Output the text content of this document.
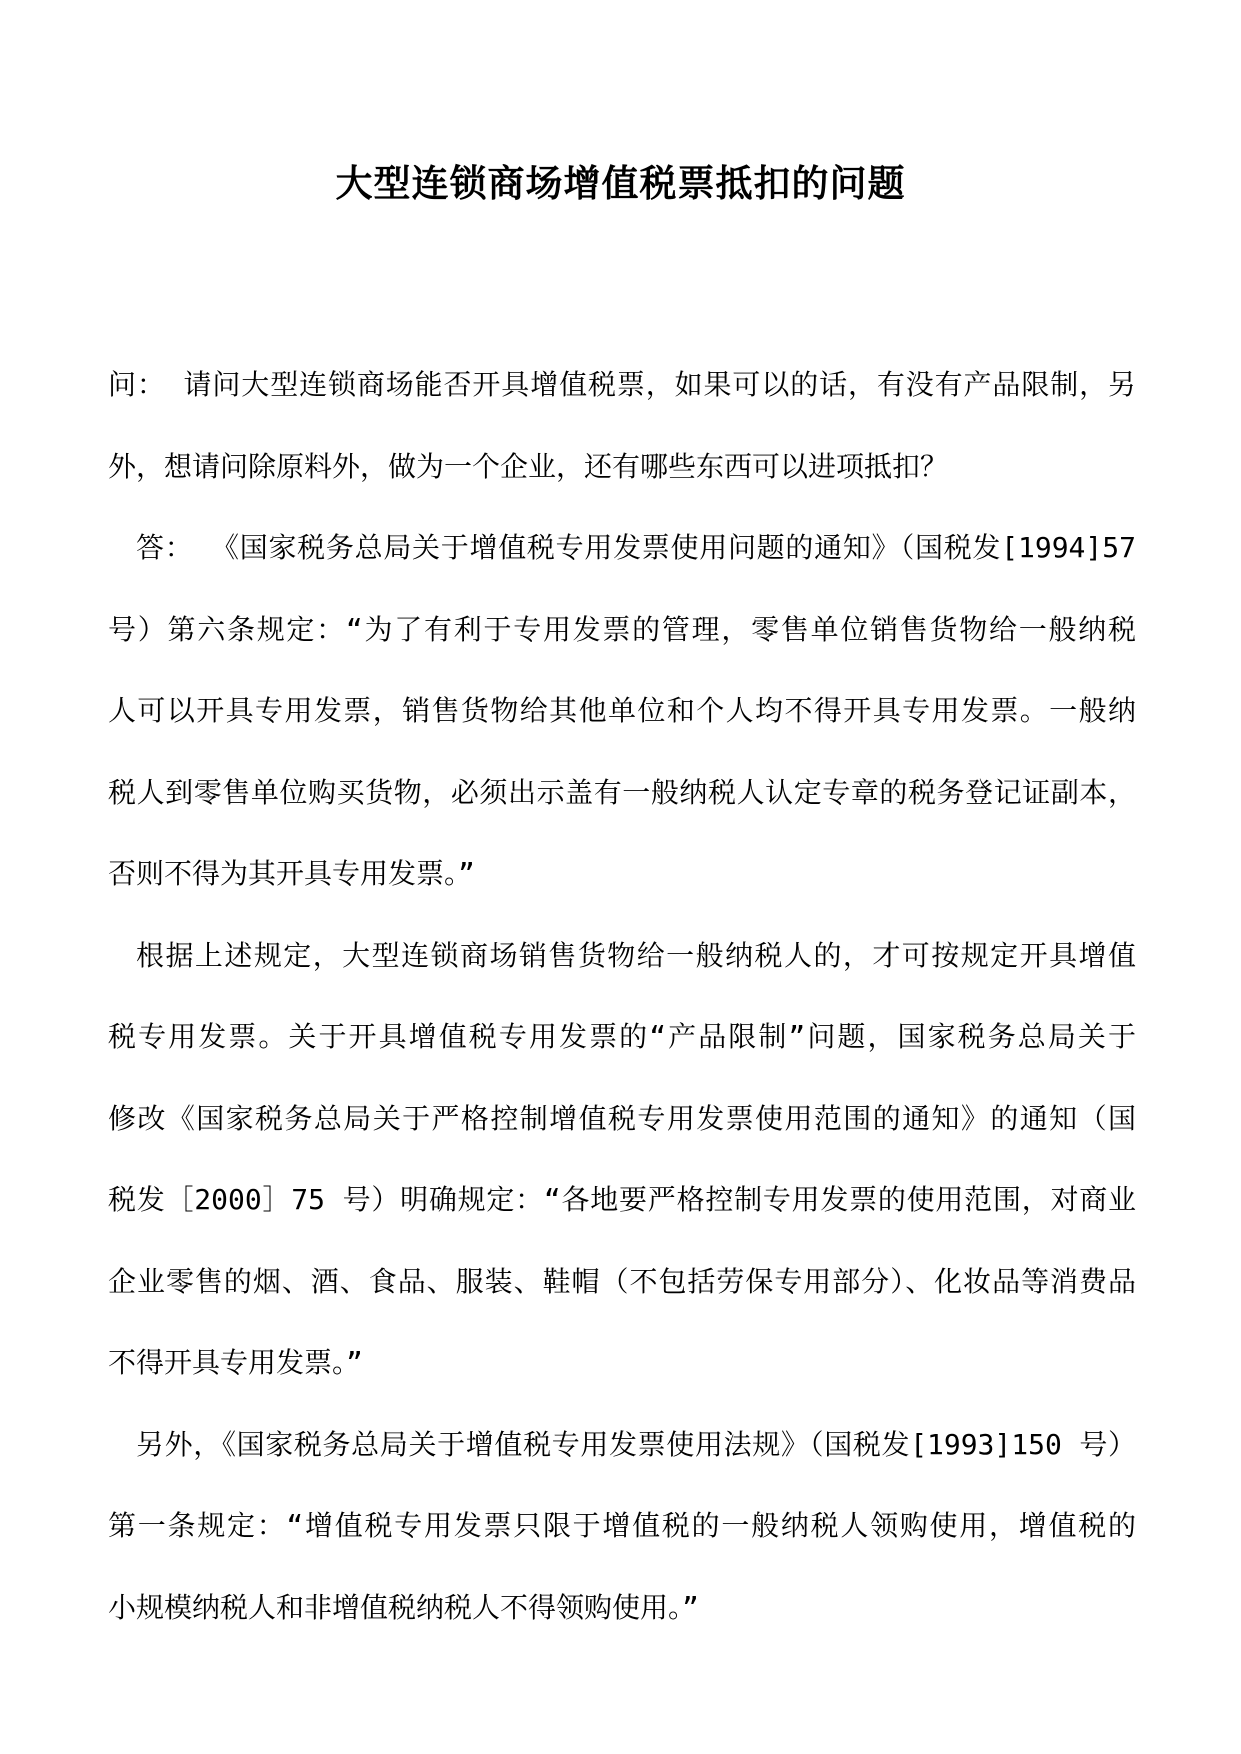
大型连锁商场增值税票抵扣的问题
问： 请问大型连锁商场能否开具增值税票，如果可以的话，有没有产品限制，另
外，想请问除原料外，做为一个企业，还有哪些东西可以进项抵扣？
答： 《国家税务总局关于增值税专用发票使用问题的通知》（国税发[1994]57
号）第六条规定：“为了有利于专用发票的管理，零售单位销售货物给一般纳税
人可以开具专用发票，销售货物给其他单位和个人均不得开具专用发票。一般纳
税人到零售单位购买货物，必须出示盖有一般纳税人认定专章的税务登记证副本，
否则不得为其开具专用发票。”
根据上述规定，大型连锁商场销售货物给一般纳税人的，才可按规定开具增值
税专用发票。关于开具增值税专用发票的“产品限制”问题，国家税务总局关于
修改《国家税务总局关于严格控制增值税专用发票使用范围的通知》的通知（国
税发［2000］75 号）明确规定：“各地要严格控制专用发票的使用范围，对商业
企业零售的烟、酒、食品、服装、鞋帽（不包括劳保专用部分）、化妆品等消费品
不得开具专用发票。”
另外，《国家税务总局关于增值税专用发票使用法规》（国税发[1993]150 号）
第一条规定：“增值税专用发票只限于增值税的一般纳税人领购使用，增值税的
小规模纳税人和非增值税纳税人不得领购使用。”
